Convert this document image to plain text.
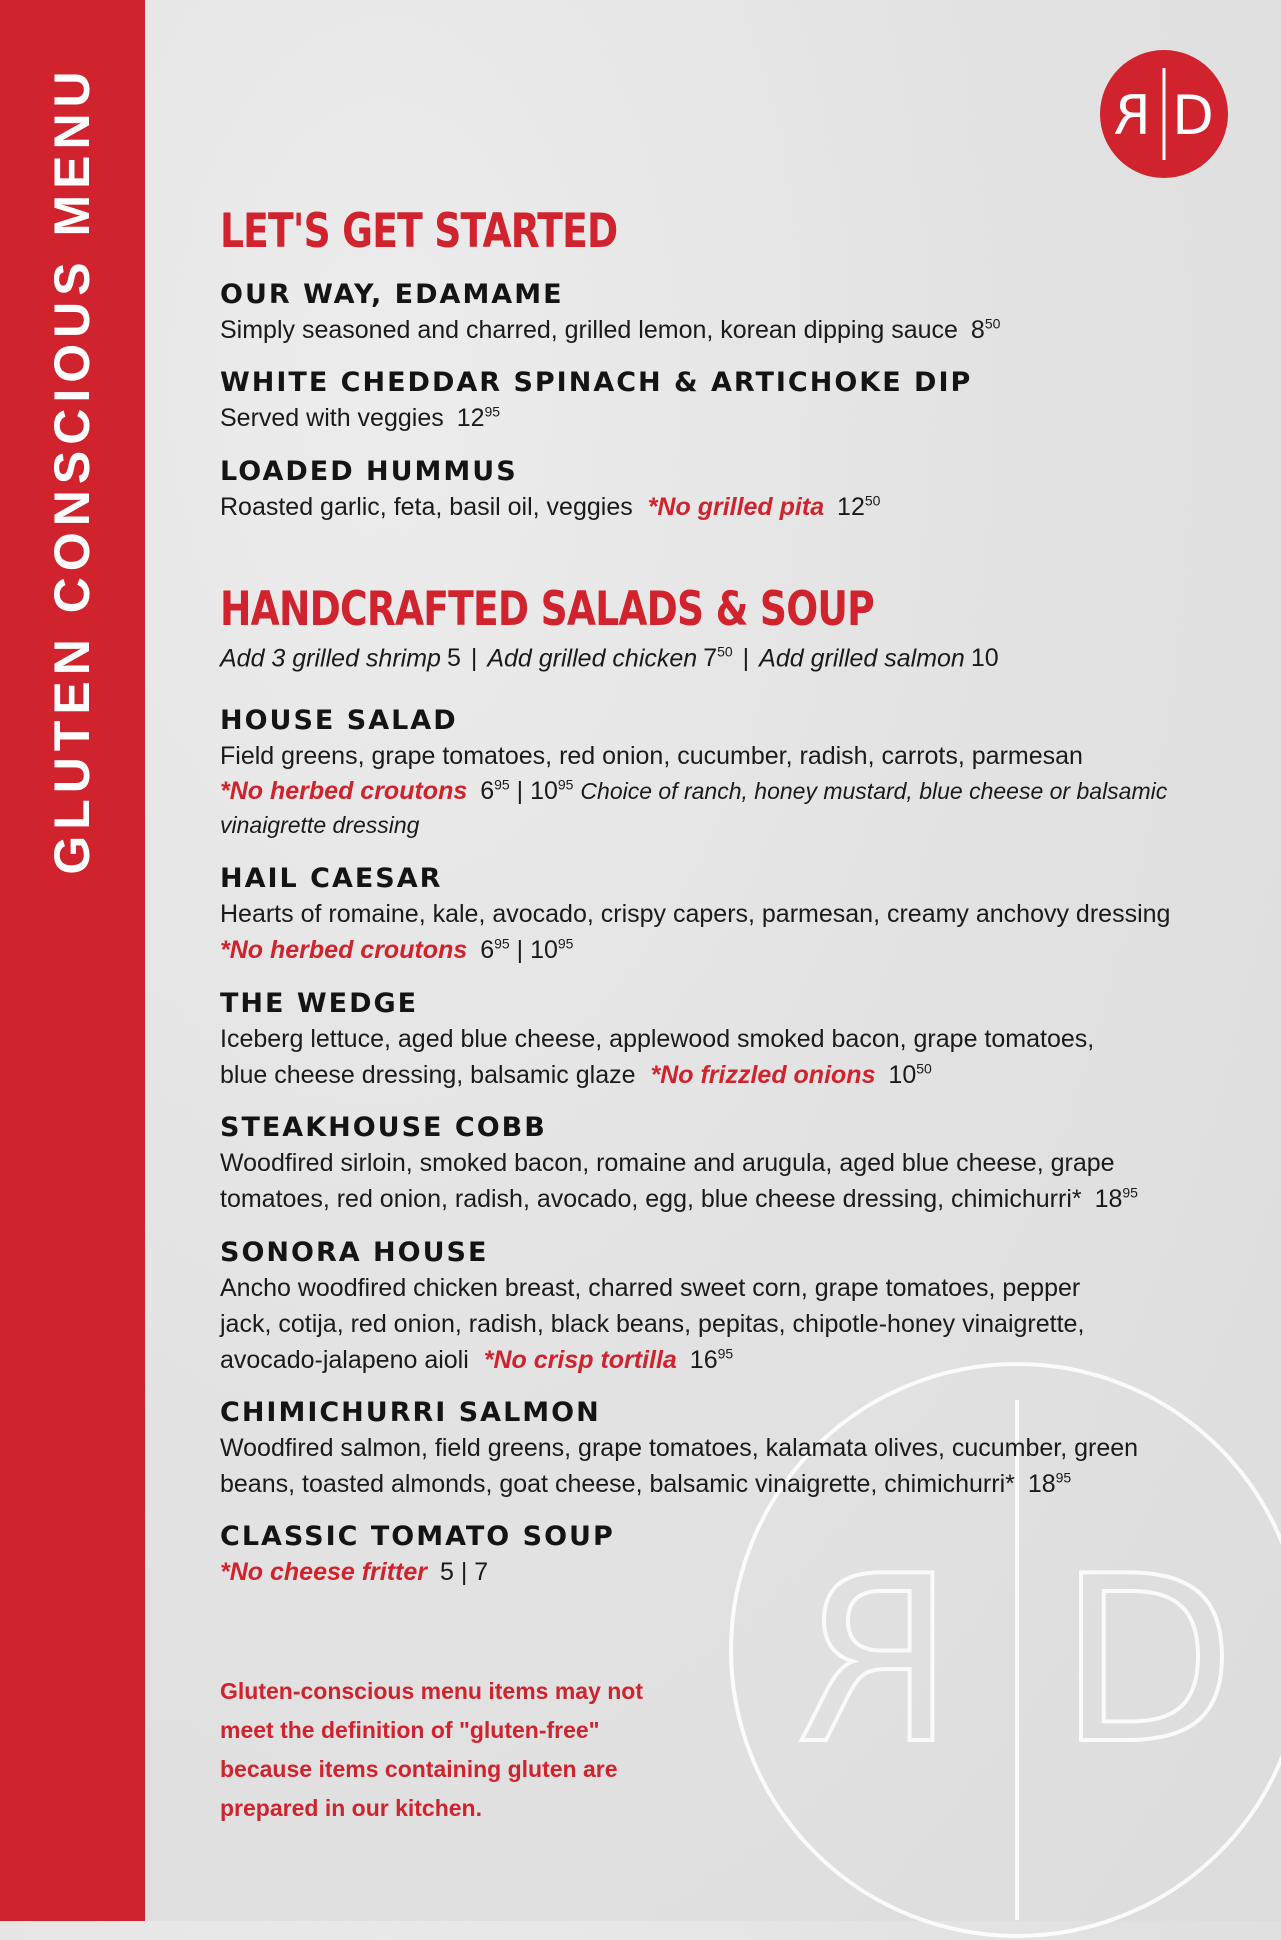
GLUTEN CONSCIOUS MENU	R D
R D
LET'S GET STARTED
OUR WAY, EDAMAME
Simply seasoned and charred, grilled lemon, korean dipping sauce $8^{50}$
WHITE CHEDDAR SPINACH & ARTICHOKE DIP
Served with veggies $12^{95}$
LOADED HUMMUS
Roasted garlic, feta, basil oil, veggies *No grilled pita $12^{50}$
HANDCRAFTED SALADS & SOUP
Add 3 grilled shrimp 5 | Add grilled chicken $7^{50}$ | Add grilled salmon 10
HOUSE SALAD
Field greens, grape tomatoes, red onion, cucumber, radish, carrots, parmesan
*No herbed croutons $6^{95}$ | $10^{95}$ Choice of ranch, honey mustard, blue cheese or balsamic vinaigrette dressing
HAIL CAESAR
Hearts of romaine, kale, avocado, crispy capers, parmesan, creamy anchovy dressing
*No herbed croutons $6^{95}$ | $10^{95}$
THE WEDGE
Iceberg lettuce, aged blue cheese, applewood smoked bacon, grape tomatoes, blue cheese dressing, balsamic glaze *No frizzled onions $10^{50}$
STEAKHOUSE COBB
Woodfired sirloin, smoked bacon, romaine and arugula, aged blue cheese, grape tomatoes, red onion, radish, avocado, egg, blue cheese dressing, chimichurri* $18^{95}$
SONORA HOUSE
Ancho woodfired chicken breast, charred sweet corn, grape tomatoes, pepper jack, cotija, red onion, radish, black beans, pepitas, chipotle-honey vinaigrette, avocado-jalapeno aioli *No crisp tortilla $16^{95}$
CHIMICHURRI SALMON
Woodfired salmon, field greens, grape tomatoes, kalamata olives, cucumber, green beans, toasted almonds, goat cheese, balsamic vinaigrette, chimichurri* $18^{95}$
CLASSIC TOMATO SOUP
*No cheese fritter 5 | 7
Gluten-conscious menu items may not meet the definition of "gluten-free" because items containing gluten are prepared in our kitchen.
